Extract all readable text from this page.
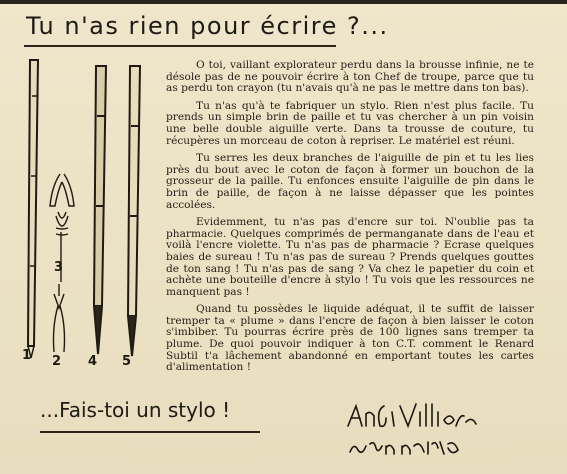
Tu n'as rien pour écrire ?...
1 2
3
4 5

O toi, vaillant explorateur perdu dans la brousse infinie, ne te désole pas de ne pouvoir écrire à ton Chef de troupe, parce que tu as perdu ton crayon (tu n'avais qu'à ne pas le mettre dans ton bas).

Tu n'as qu'à te fabriquer un stylo. Rien n'est plus facile. Tu prends un simple brin de paille et tu vas chercher à un pin voisin une belle double aiguille verte. Dans ta trousse de couture, tu récupères un morceau de coton à repriser. Le matériel est réuni.

Tu serres les deux branches de l'aiguille de pin et tu les lies près du bout avec le coton de façon à former un bouchon de la grosseur de la paille. Tu enfonces ensuite l'aiguille de pin dans le brin de paille, de façon à ne laisse dépasser que les pointes accolées.

Evidemment, tu n'as pas d'encre sur toi. N'oublie pas ta pharmacie. Quelques comprimés de permanganate dans de l'eau et voilà l'encre violette. Tu n'as pas de pharmacie ? Ecrase quelques baies de sureau ! Tu n'as pas de sureau ? Prends quelques gouttes de ton sang ! Tu n'as pas de sang ? Va chez le papetier du coin et achète une bouteille d'encre à stylo ! Tu vois que les ressources ne manquent pas !

Quand tu possèdes le liquide adéquat, il te suffit de laisser tremper ta « plume » dans l'encre de façon à bien laisser le coton s'imbiber. Tu pourras écrire près de 100 lignes sans tremper ta plume. De quoi pouvoir indiquer à ton C.T. comment le Renard Subtil t'a lâchement abandonné en emportant toutes les cartes d'alimentation !

...Fais-toi un stylo !
